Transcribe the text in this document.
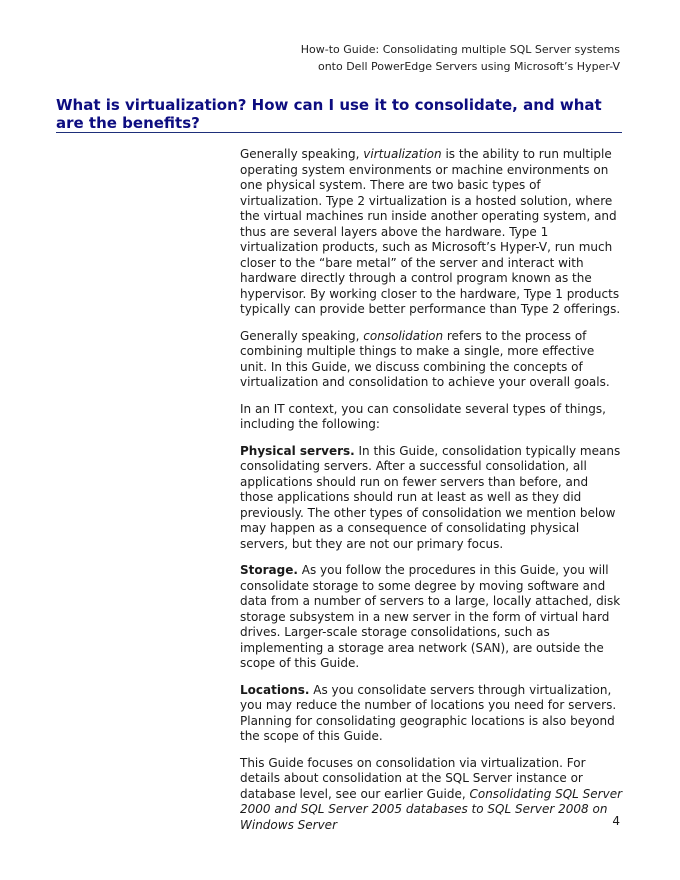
How-to Guide: Consolidating multiple SQL Server systems
onto Dell PowerEdge Servers using Microsoft’s Hyper-V
What is virtualization? How can I use it to consolidate, and what are the benefits?

Generally speaking, virtualization is the ability to run multiple operating system environments or machine environments on one physical system. There are two basic types of virtualization. Type 2 virtualization is a hosted solution, where the virtual machines run inside another operating system, and thus are several layers above the hardware. Type 1 virtualization products, such as Microsoft’s Hyper-V, run much closer to the “bare metal” of the server and interact with hardware directly through a control program known as the hypervisor. By working closer to the hardware, Type 1 products typically can provide better performance than Type 2 offerings.

Generally speaking, consolidation refers to the process of combining multiple things to make a single, more effective unit. In this Guide, we discuss combining the concepts of virtualization and consolidation to achieve your overall goals.

In an IT context, you can consolidate several types of things, including the following:

Physical servers. In this Guide, consolidation typically means consolidating servers. After a successful consolidation, all applications should run on fewer servers than before, and those applications should run at least as well as they did previously. The other types of consolidation we mention below may happen as a consequence of consolidating physical servers, but they are not our primary focus.

Storage. As you follow the procedures in this Guide, you will consolidate storage to some degree by moving software and data from a number of servers to a large, locally attached, disk storage subsystem in a new server in the form of virtual hard drives. Larger-scale storage consolidations, such as implementing a storage area network (SAN), are outside the scope of this Guide.

Locations. As you consolidate servers through virtualization, you may reduce the number of locations you need for servers. Planning for consolidating geographic locations is also beyond the scope of this Guide.

This Guide focuses on consolidation via virtualization. For details about consolidation at the SQL Server instance or database level, see our earlier Guide, Consolidating SQL Server 2000 and SQL Server 2005 databases to SQL Server 2008 on Windows Server	4
